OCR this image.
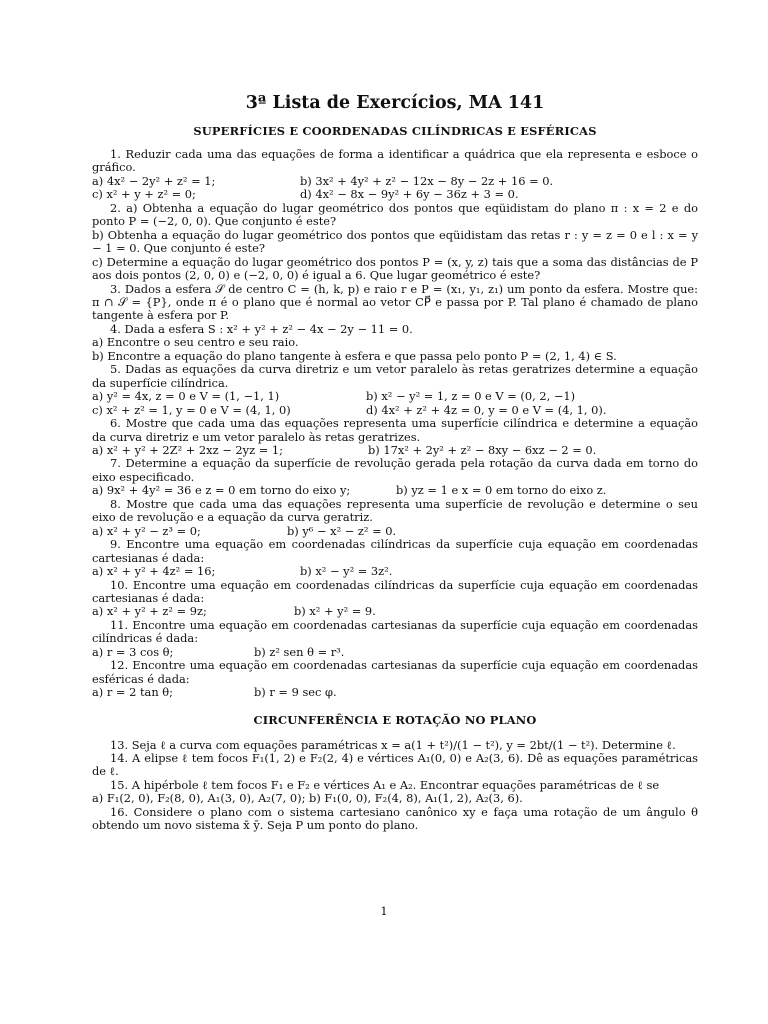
3ª Lista de Exercícios, MA 141
SUPERFÍCIES E COORDENADAS CILÍNDRICAS E ESFÉRICAS

1. Reduzir cada uma das equações de forma a identificar a quádrica que ela representa e esboce o gráfico.

a) 4x² − 2y² + z² = 1;	b) 3x² + 4y² + z² − 12x − 8y − 2z + 16 = 0.
c) x² + y + z² = 0;	d) 4x² − 8x − 9y² + 6y − 36z + 3 = 0.

2. a) Obtenha a equação do lugar geométrico dos pontos que eqüidistam do plano π : x = 2 e do ponto P = (−2, 0, 0). Que conjunto é este?

b) Obtenha a equação do lugar geométrico dos pontos que eqüidistam das retas r : y = z = 0 e l : x = y − 1 = 0. Que conjunto é este?

c) Determine a equação do lugar geométrico dos pontos P = (x, y, z) tais que a soma das distâncias de P aos dois pontos (2, 0, 0) e (−2, 0, 0) é igual a 6. Que lugar geométrico é este?

3. Dados a esfera 𝒮 de centro C = (h, k, p) e raio r e P = (x₁, y₁, z₁) um ponto da esfera. Mostre que: π ∩ 𝒮 = {P}, onde π é o plano que é normal ao vetor CP⃗ e passa por P. Tal plano é chamado de plano tangente à esfera por P.

4. Dada a esfera S : x² + y² + z² − 4x − 2y − 11 = 0.

a) Encontre o seu centro e seu raio.

b) Encontre a equação do plano tangente à esfera e que passa pelo ponto P = (2, 1, 4) ∈ S.

5. Dadas as equações da curva diretriz e um vetor paralelo às retas geratrizes determine a equação da superfície cilíndrica.

a) y² = 4x, z = 0 e V = (1, −1, 1)	b) x² − y² = 1, z = 0 e V = (0, 2, −1)
c) x² + z² = 1, y = 0 e V = (4, 1, 0)	d) 4x² + z² + 4z = 0, y = 0 e V = (4, 1, 0).

6. Mostre que cada uma das equações representa uma superfície cilíndrica e determine a equação da curva diretriz e um vetor paralelo às retas geratrizes.

a) x² + y² + 2Z² + 2xz − 2yz = 1;	b) 17x² + 2y² + z² − 8xy − 6xz − 2 = 0.

7. Determine a equação da superfície de revolução gerada pela rotação da curva dada em torno do eixo especificado.

a) 9x² + 4y² = 36 e z = 0 em torno do eixo y;	b) yz = 1 e x = 0 em torno do eixo z.

8. Mostre que cada uma das equações representa uma superfície de revolução e determine o seu eixo de revolução e a equação da curva geratriz.

a) x² + y² − z³ = 0;	b) y⁶ − x² − z² = 0.

9. Encontre uma equação em coordenadas cilíndricas da superfície cuja equação em coordenadas cartesianas é dada:

a) x² + y² + 4z² = 16;	b) x² − y² = 3z².

10. Encontre uma equação em coordenadas cilíndricas da superfície cuja equação em coordenadas cartesianas é dada:

a) x² + y² + z² = 9z;	b) x² + y² = 9.

11. Encontre uma equação em coordenadas cartesianas da superfície cuja equação em coordenadas cilíndricas é dada:

a) r = 3 cos θ;	b) z² sen θ = r³.

12. Encontre uma equação em coordenadas cartesianas da superfície cuja equação em coordenadas esféricas é dada:

a) r = 2 tan θ;	b) r = 9 sec φ.
CIRCUNFERÊNCIA E ROTAÇÃO NO PLANO

13. Seja ℓ a curva com equações paramétricas x = a(1 + t²)/(1 − t²), y = 2bt/(1 − t²). Determine ℓ.

14. A elipse ℓ tem focos F₁(1, 2) e F₂(2, 4) e vértices A₁(0, 0) e A₂(3, 6). Dê as equações paramétricas de ℓ.

15. A hipérbole ℓ tem focos F₁ e F₂ e vértices A₁ e A₂. Encontrar equações paramétricas de ℓ se

a) F₁(2, 0), F₂(8, 0), A₁(3, 0), A₂(7, 0); b) F₁(0, 0), F₂(4, 8), A₁(1, 2), A₂(3, 6).

16. Considere o plano com o sistema cartesiano canônico xy e faça uma rotação de um ângulo θ obtendo um novo sistema x̄ ȳ. Seja P um ponto do plano.

1
